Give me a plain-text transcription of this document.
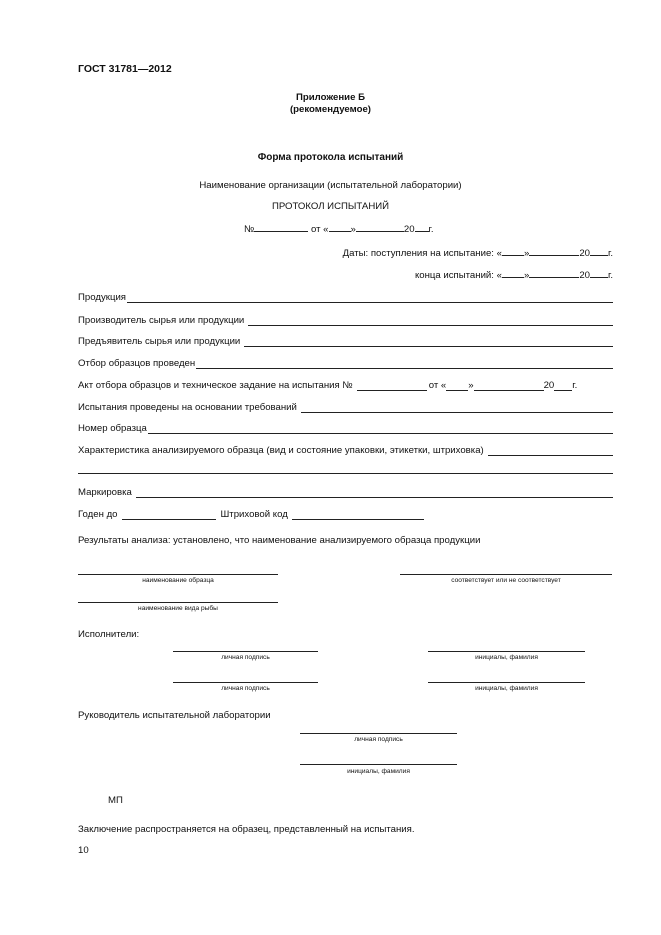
ГОСТ 31781—2012
Приложение Б
(рекомендуемое)
Форма протокола испытаний
Наименование организации (испытательной лаборатории)
ПРОТОКОЛ ИСПЫТАНИЙ
№	от « »	20 г.
Даты: поступления на испытание: « »	20 г.
конца испытаний: « »	20 г.
Продукция
Производитель сырья или продукции
Предъявитель сырья или продукции
Отбор образцов проведен
Акт отбора образцов и техническое задание на испытания №	от « »	20 г.
Испытания проведены на основании требований
Номер образца
Характеристика анализируемого образца (вид и состояние упаковки, этикетки, штриховка)
Маркировка
Годен до	Штриховой код
Результаты анализа: установлено, что наименование анализируемого образца продукции
наименование образца	соответствует или не соответствует
наименование вида рыбы
Исполнители:
личная подпись	инициалы, фамилия
личная подпись	инициалы, фамилия
Руководитель испытательной лаборатории
личная подпись
инициалы, фамилия
МП
Заключение распространяется на образец, представленный на испытания.
10
